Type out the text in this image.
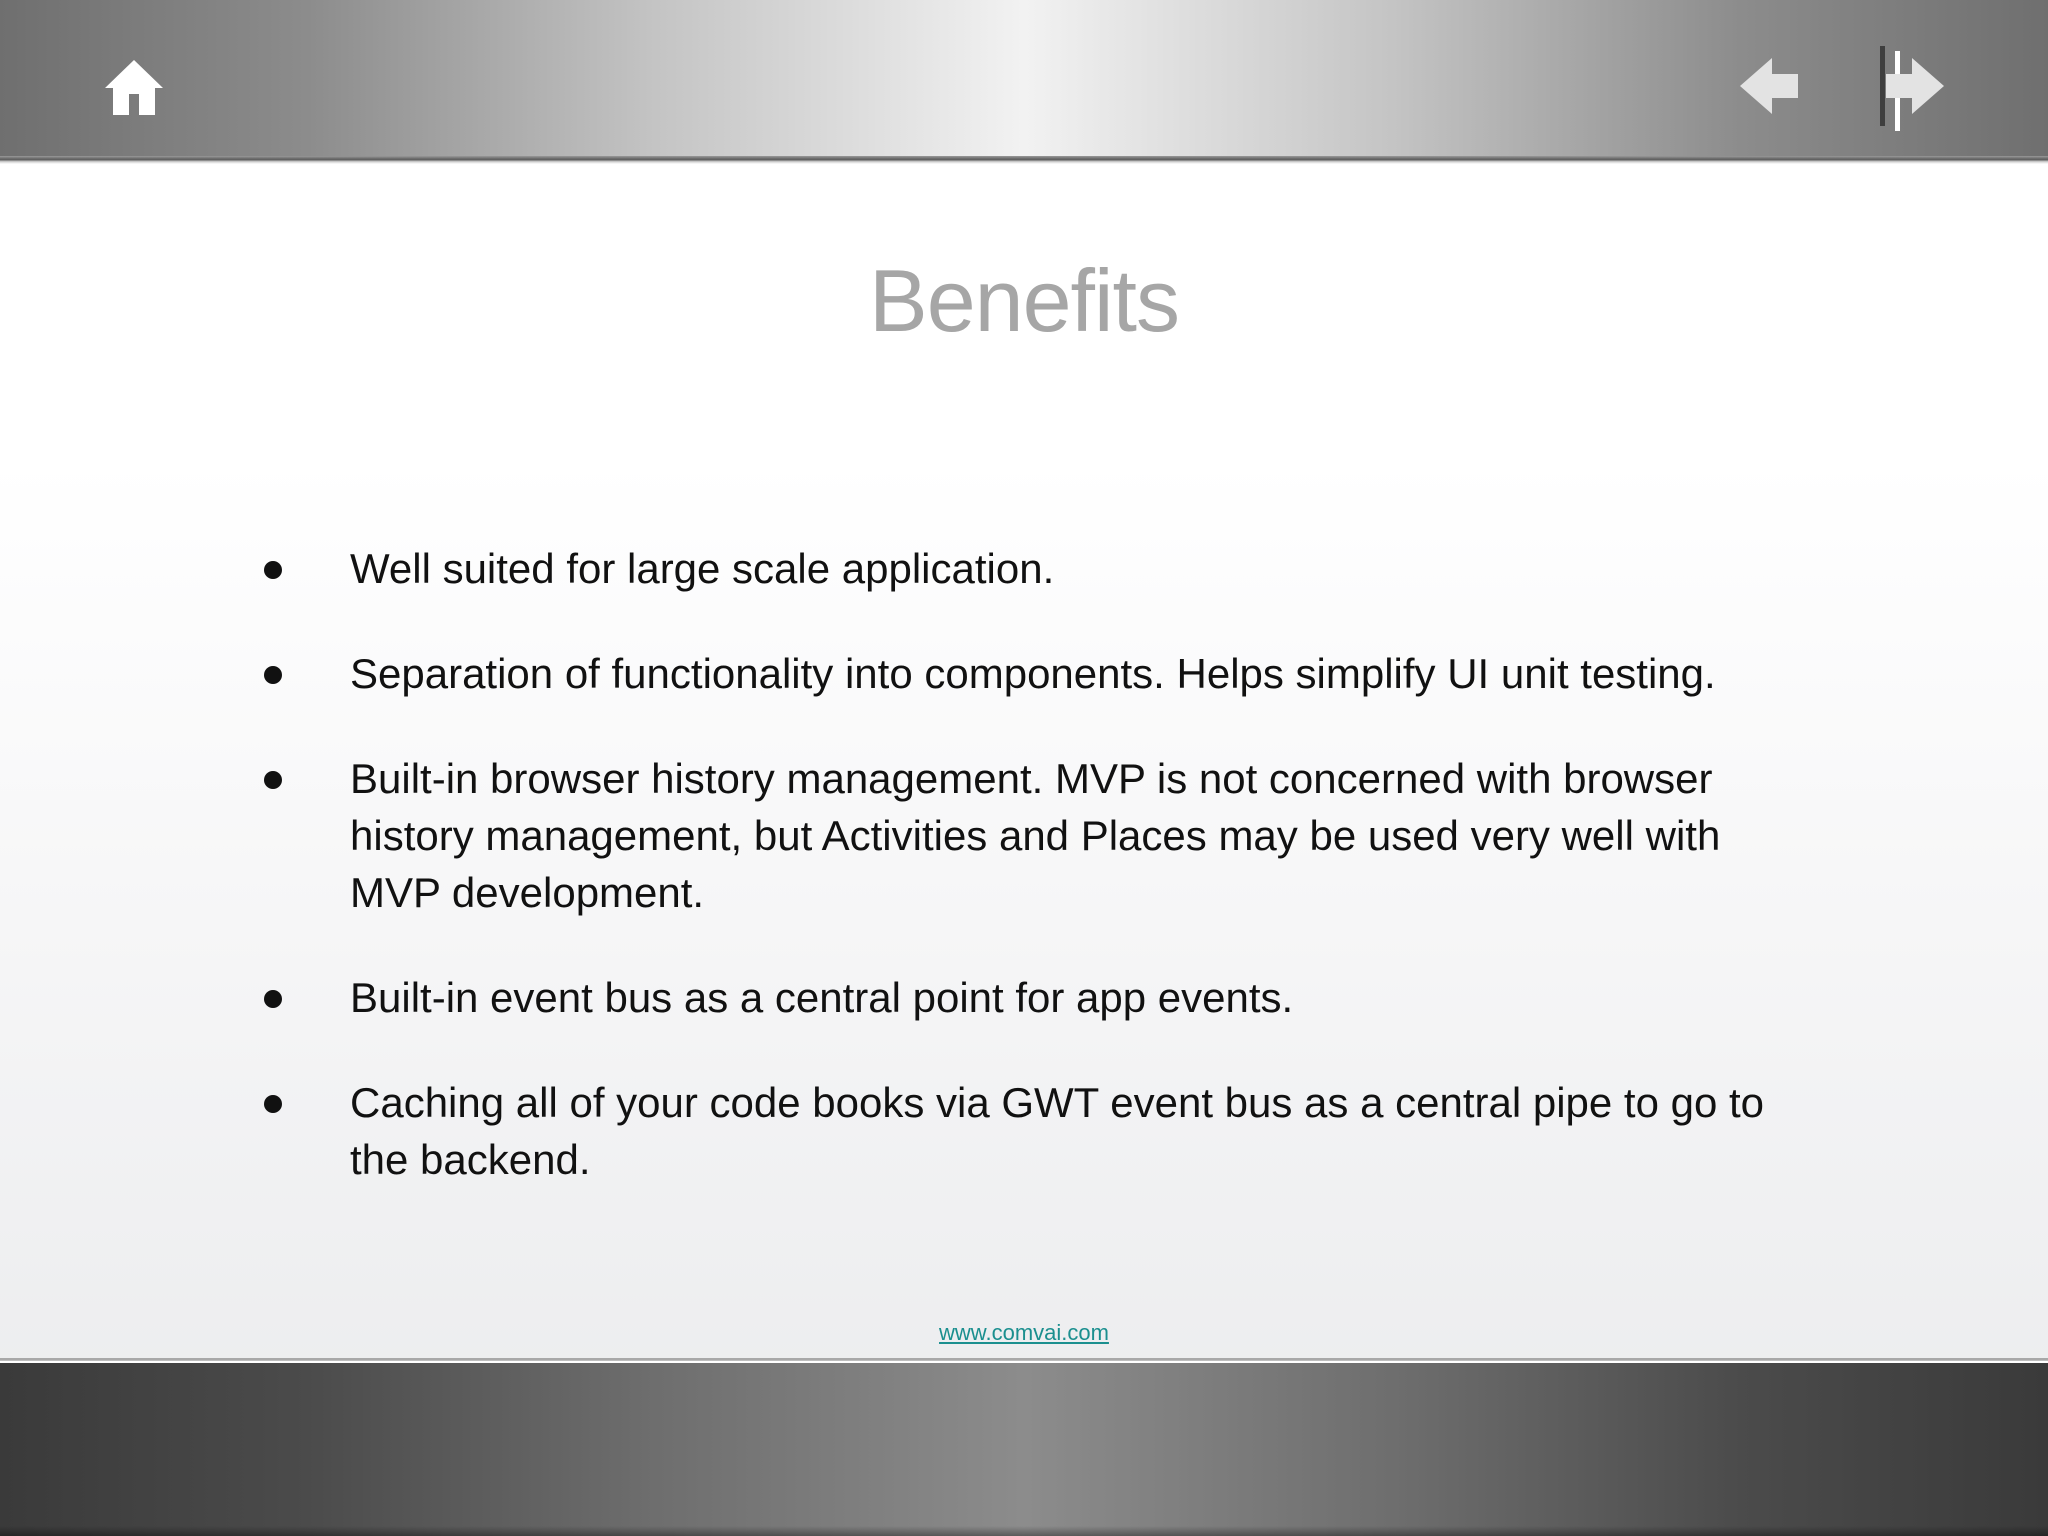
Benefits
Well suited for large scale application.
Separation of functionality into components. Helps simplify UI unit testing.
Built-in browser history management. MVP is not concerned with browser history management, but Activities and Places may be used very well with MVP development.
Built-in event bus as a central point for app events.
Caching all of your code books via GWT event bus as a central pipe to go to the backend.
www.comvai.com
